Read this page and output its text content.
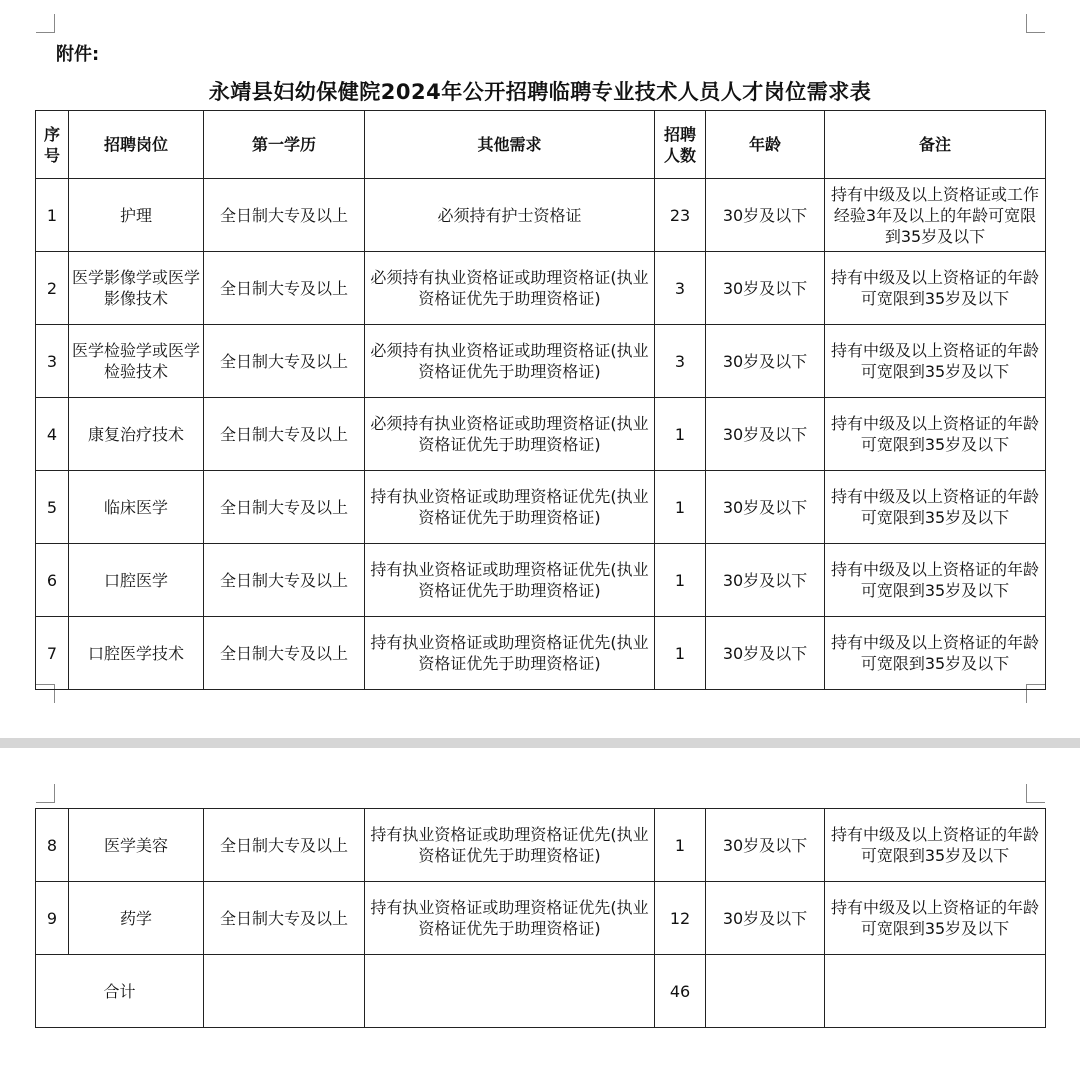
附件:
永靖县妇幼保健院2024年公开招聘临聘专业技术人员人才岗位需求表
序号	招聘岗位	第一学历	其他需求	招聘人数	年龄	备注
1	护理	全日制大专及以上	必须持有护士资格证	23	30岁及以下	持有中级及以上资格证或工作经验3年及以上的年龄可宽限到35岁及以下
2	医学影像学或医学影像技术	全日制大专及以上	必须持有执业资格证或助理资格证(执业资格证优先于助理资格证)	3	30岁及以下	持有中级及以上资格证的年龄可宽限到35岁及以下
3	医学检验学或医学检验技术	全日制大专及以上	必须持有执业资格证或助理资格证(执业资格证优先于助理资格证)	3	30岁及以下	持有中级及以上资格证的年龄可宽限到35岁及以下
4	康复治疗技术	全日制大专及以上	必须持有执业资格证或助理资格证(执业资格证优先于助理资格证)	1	30岁及以下	持有中级及以上资格证的年龄可宽限到35岁及以下
5	临床医学	全日制大专及以上	持有执业资格证或助理资格证优先(执业资格证优先于助理资格证)	1	30岁及以下	持有中级及以上资格证的年龄可宽限到35岁及以下
6	口腔医学	全日制大专及以上	持有执业资格证或助理资格证优先(执业资格证优先于助理资格证)	1	30岁及以下	持有中级及以上资格证的年龄可宽限到35岁及以下
7	口腔医学技术	全日制大专及以上	持有执业资格证或助理资格证优先(执业资格证优先于助理资格证)	1	30岁及以下	持有中级及以上资格证的年龄可宽限到35岁及以下
8	医学美容	全日制大专及以上	持有执业资格证或助理资格证优先(执业资格证优先于助理资格证)	1	30岁及以下	持有中级及以上资格证的年龄可宽限到35岁及以下
9	药学	全日制大专及以上	持有执业资格证或助理资格证优先(执业资格证优先于助理资格证)	12	30岁及以下	持有中级及以上资格证的年龄可宽限到35岁及以下
合计				46		
